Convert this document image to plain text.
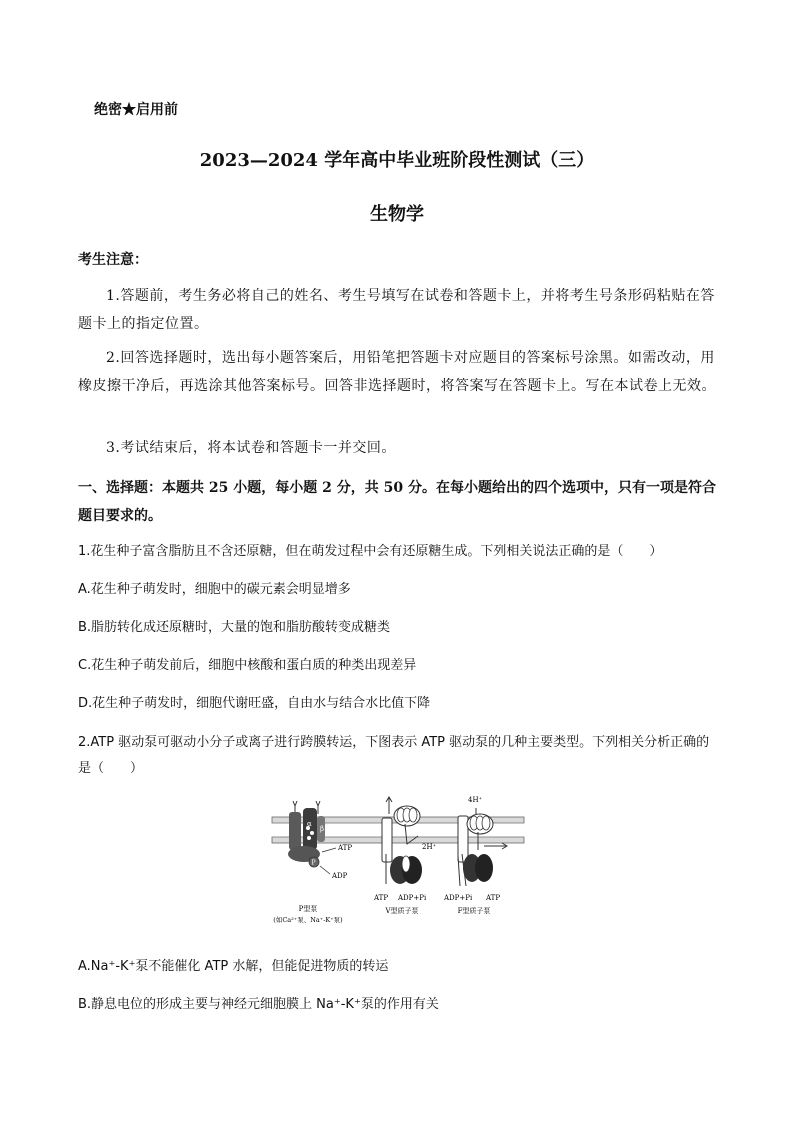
绝密★启用前
2023—2024 学年高中毕业班阶段性测试（三）
生物学
考生注意：
1.答题前，考生务必将自己的姓名、考生号填写在试卷和答题卡上，并将考生号条形码粘贴在答题卡上的指定位置。
2.回答选择题时，选出每小题答案后，用铅笔把答题卡对应题目的答案标号涂黑。如需改动，用橡皮擦干净后，再选涂其他答案标号。回答非选择题时，将答案写在答题卡上。写在本试卷上无效。
3.考试结束后，将本试卷和答题卡一并交回。
一、选择题：本题共 25 小题，每小题 2 分，共 50 分。在每小题给出的四个选项中，只有一项是符合题目要求的。
1.花生种子富含脂肪且不含还原糖，但在萌发过程中会有还原糖生成。下列相关说法正确的是（　　）
A.花生种子萌发时，细胞中的碳元素会明显增多
B.脂肪转化成还原糖时，大量的饱和脂肪酸转变成糖类
C.花生种子萌发前后，细胞中核酸和蛋白质的种类出现差异
D.花生种子萌发时，细胞代谢旺盛，自由水与结合水比值下降
2.ATP 驱动泵可驱动小分子或离子进行跨膜转运，下图表示 ATP 驱动泵的几种主要类型。下列相关分析正确的是（　　）
α
β
P
ATP
ADP
P型泵
(如Ca²⁺泵、Na⁺-K⁺泵)
2H⁺
ATP ADP+Pi
V型质子泵
4H⁺
ADP+Pi ATP
F型质子泵
A.Na⁺-K⁺泵不能催化 ATP 水解，但能促进物质的转运
B.静息电位的形成主要与神经元细胞膜上 Na⁺-K⁺泵的作用有关
